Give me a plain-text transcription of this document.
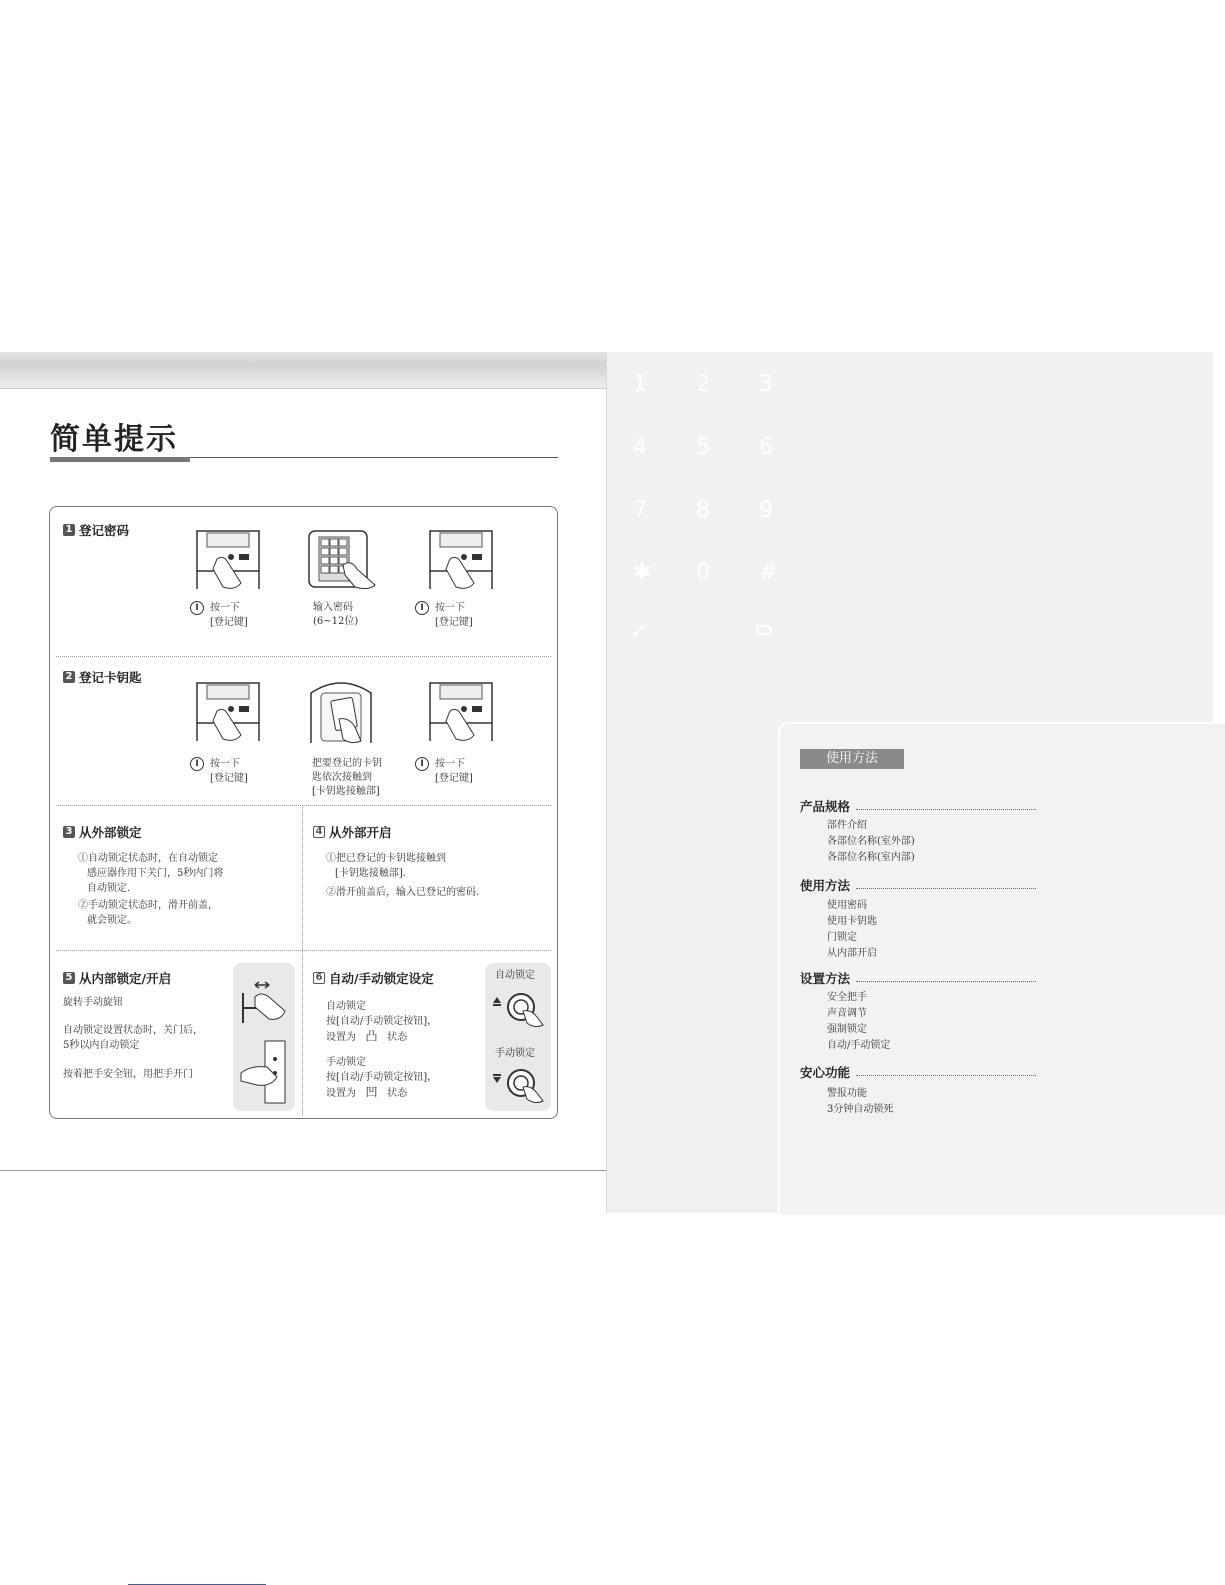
简单提示
1 登记密码
I 按一下
[登记键]
输入密码
(6~12位)
I 按一下
[登记键]
2 登记卡钥匙
I 按一下
[登记键]
把要登记的卡钥
匙依次接触到
[卡钥匙接触部]
I 按一下
[登记键]
3 从外部锁定
①自动锁定状态时，在自动锁定
感应器作用下关门，5秒内门将
自动锁定.
②手动锁定状态时，滑开前盖，
就会锁定。
4 从外部开启
①把已登记的卡钥匙接触到
[卡钥匙接触部].
②滑开前盖后，输入已登记的密码.
5 从内部锁定/开启
旋转手动旋钮
自动锁定设置状态时，关门后，
5秒以内自动锁定
按着把手安全钮，用把手开门
6 自动/手动锁定设定
自动锁定
按[自动/手动锁定按钮]，
设置为 凸 状态
手动锁定
按[自动/手动锁定按钮]，
设置为 凹 状态
自动锁定
手动锁定
1 2 3
4 5 6
7 8 9
✱ 0 #
使用方法
产品规格
部件介绍
各部位名称(室外部)
各部位名称(室内部)
使用方法
使用密码
使用卡钥匙
门锁定
从内部开启
设置方法
安全把手
声音调节
强制锁定
自动/手动锁定
安心功能
警报功能
3分钟自动锁死
